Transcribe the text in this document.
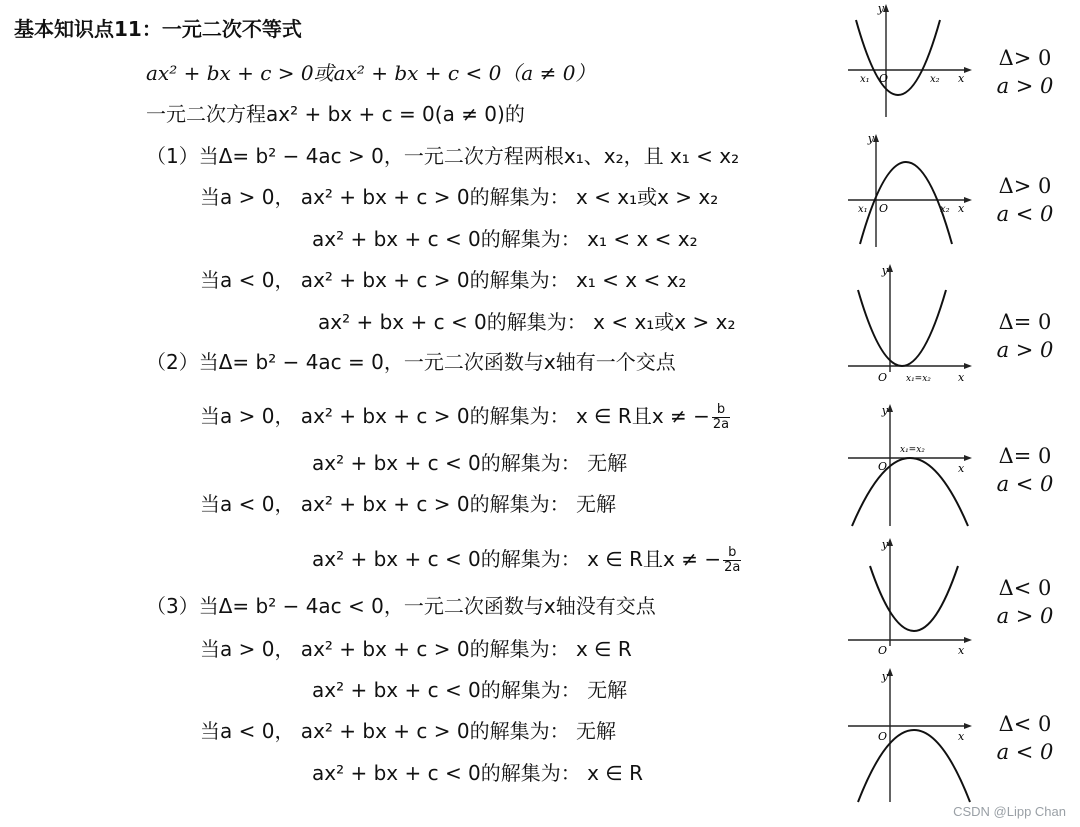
基本知识点11：一元二次不等式
ax² + bx + c > 0或ax² + bx + c < 0（a ≠ 0）
一元二次方程ax² + bx + c = 0(a ≠ 0)的
（1）当Δ= b² − 4ac > 0，一元二次方程两根x₁、x₂，且 x₁ < x₂
当a > 0， ax² + bx + c > 0的解集为： x < x₁或x > x₂
ax² + bx + c < 0的解集为： x₁ < x < x₂
当a < 0， ax² + bx + c > 0的解集为： x₁ < x < x₂
ax² + bx + c < 0的解集为： x < x₁或x > x₂
（2）当Δ= b² − 4ac = 0，一元二次函数与x轴有一个交点
当a > 0， ax² + bx + c > 0的解集为： x ∈ R且x ≠ − $\frac{b}{2a}$
ax² + bx + c < 0的解集为： 无解
当a < 0， ax² + bx + c > 0的解集为： 无解
ax² + bx + c < 0的解集为： x ∈ R且x ≠ − $\frac{b}{2a}$
（3）当Δ= b² − 4ac < 0，一元二次函数与x轴没有交点
当a > 0， ax² + bx + c > 0的解集为： x ∈ R
ax² + bx + c < 0的解集为： 无解
当a < 0， ax² + bx + c > 0的解集为： 无解
ax² + bx + c < 0的解集为： x ∈ R
y
x
O
x₁	x₂
Δ> 0
a > 0
y
x
O
x₁	x₂
Δ> 0
a < 0
y
x
O x₁=x₂
Δ= 0
a > 0
y
x
O
x₁=x₂	Δ= 0
a < 0
y
x
O
Δ< 0
a > 0
y
x
O
Δ< 0
a < 0
CSDN @Lipp Chan
